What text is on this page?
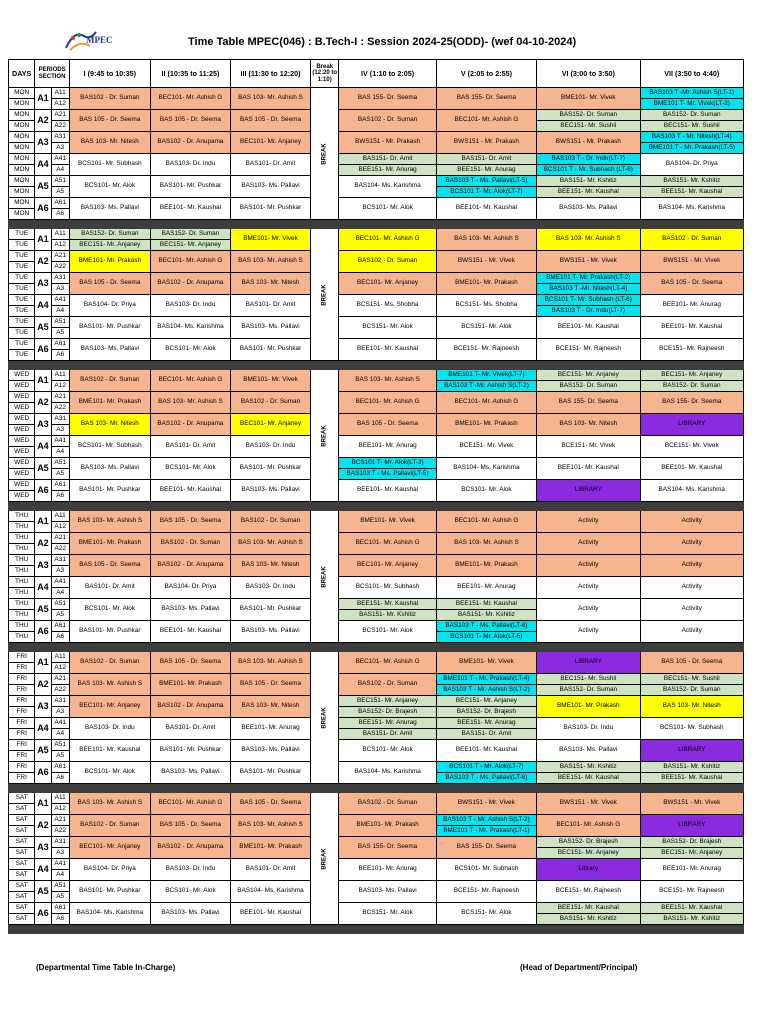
MPEC	Time Table MPEC(046) : B.Tech-I : Session 2024-25(ODD)- (wef 04-10-2024)
DAYS	PERIODS SECTION		I (9:45 to 10:35)	II (10:35 to 11:25)	III (11:30 to 12:20)	Break (12:20 to 1:10)	IV (1:10 to 2:05)	V (2:05 to 2:55)	VI (3:00 to 3:50)	VII (3:50 to 4:40)
MON	A1	A11	BAS102 - Dr. Suman	BEC101- Mr. Ashish G	BAS 103- Mr. Ashish S	BREAK	BAS 155- Dr. Seema	BAS 155- Dr. Seema	BME101- Mr. Vivek	BAS103 T -Mr. Ashish S(LT-1)
MON		A12								BME101 T- Mr. Vivek(LT-2)
MON	A2	A21	BAS 105 - Dr. Seema	BAS 105 - Dr. Seema	BAS 105 - Dr. Seema		BAS102 - Dr. Suman	BEC101- Mr. Ashish G	BAS152- Dr. Suman	BAS152- Dr. Suman
MON		A22							BEC151- Mr. Sushil	BEC151- Mr. Sushil
MON	A3	A31	BAS 103- Mr. Nitesh	BAS102 - Dr. Anupama	BEC101- Mr. Anjaney		BWS151 - Mr. Prakash	BWS151 - Mr. Prakash	BWS151 - Mr. Prakash	BAS103 T - Mr. Nitesh(LT-4)
MON		A3								BME101 T - Mr. Prakash(LT-5)
MON	A4	A41	BCS101- Mr. Subhash	BAS103- Dr. Indu	BAS101- Dr. Amit		BAS151- Dr. Amit	BAS151- Dr. Amit	BAS103 T - Dr. Indu(LT-7)	BAS104- Dr. Priya
MON		A4					BEE151- Mr. Anurag	BEE151- Mr. Anurag	BCS101 T - Mr. Subhash (LT-6)	
MON	A5	A51	BCS101- Mr. Alok	BAS101- Mr. Pushkar	BAS103- Ms. Pallavi		BAS104- Ms. Karishma	BAS103 T - Ms. Pallavi(LT-5)	BAS151- Mr. Kshitiz	BAS151- Mr. Kshitiz
MON		A5						BCS101 T- Mr. Alok(LT-7)	BEE151- Mr. Kaushal	BEE151- Mr. Kaushal
MON	A6	A61	BAS103- Ms. Pallavi	BEE101- Mr. Kaushal	BAS101- Mr. Pushkar		BCS101- Mr. Alok	BEE101- Mr. Kaushal	BAS103- Ms. Pallavi	BAS104- Ms. Karishma
MON		A6								

TUE	A1	A11	BAS152- Dr. Suman	BAS152- Dr. Suman	BME101- Mr. Vivek	BREAK	BEC101- Mr. Ashish G	BAS 103- Mr. Ashish S	BAS 103- Mr. Ashish S	BAS102 - Dr. Suman
TUE		A12	BEC151- Mr. Anjaney	BEC151- Mr. Anjaney						
TUE	A2	A21	BME101- Mr. Prakash	BEC101- Mr. Ashish G	BAS 103- Mr. Ashish S		BAS102 - Dr. Suman	BWS151 - Mr. Vivek	BWS151 - Mr. Vivek	BWS151 - Mr. Vivek
TUE		A22								
TUE	A3	A31	BAS 105 - Dr. Seema	BAS102 - Dr. Anupama	BAS 103- Mr. Nitesh		BEC101- Mr. Anjaney	BME101- Mr. Prakash	BME101 T- Mr. Prakash(LT-2)	BAS 105 - Dr. Seema
TUE		A3							BAS103 T -Mr. Nitesh(LT-4)	
TUE	A4	A41	BAS104- Dr. Priya	BAS103- Dr. Indu	BAS101- Dr. Amit		BCS151- Ms. Shobha	BCS151- Ms. Shobha	BCS101 T- Mr. Subhash (LT-6)	BEE101- Mr. Anurag
TUE		A4							BAS103 T - Dr. Indu(LT-7)	
TUE	A5	A51	BAS101- Mr. Pushkar	BAS104- Ms. Karishma	BAS103- Ms. Pallavi		BCS151- Mr. Alok	BCS151- Mr. Alok	BEE101- Mr. Kaushal	BEE101- Mr. Kaushal
TUE		A5								
TUE	A6	A61	BAS103- Ms. Pallavi	BCS101- Mr. Alok	BAS101- Mr. Pushkar		BEE101- Mr. Kaushal	BCE151- Mr. Rajneesh	BCE151- Mr. Rajneesh	BCE151- Mr. Rajneesh
TUE		A6								

WED	A1	A11	BAS102 - Dr. Suman	BEC101- Mr. Ashish G	BME101- Mr. Vivek	BREAK	BAS 103- Mr. Ashish S	BME101 T- Mr. Vivek(LT-7)	BEC151- Mr. Anjaney	BEC151- Mr. Anjaney
WED		A12						BAS103 T -Mr. Ashish S(LT-2)	BAS152- Dr. Suman	BAS152- Dr. Suman
WED	A2	A21	BME101- Mr. Prakash	BAS 103- Mr. Ashish S	BAS102 - Dr. Suman		BEC101- Mr. Ashish G	BEC101- Mr. Ashish G	BAS 155- Dr. Seema	BAS 155- Dr. Seema
WED		A22								
WED	A3	A31	BAS 103- Mr. Nitesh	BAS102 - Dr. Anupama	BEC101- Mr. Anjaney		BAS 105 - Dr. Seema	BME101- Mr. Prakash	BAS 103- Mr. Nitesh	LIBRARY
WED		A3								
WED	A4	A41	BCS101- Mr. Subhash	BAS101- Dr. Amit	BAS103- Dr. Indu		BEE101- Mr. Anurag	BCE151- Mr. Vivek	BCE151- Mr. Vivek	BCE151- Mr. Vivek
WED		A4								
WED	A5	A51	BAS103- Ms. Pallavi	BCS101- Mr. Alok	BAS101- Mr. Pushkar		BCS101 T- Mr. Alok(LT-3)	BAS104- Ms. Karishma	BEE101- Mr. Kaushal	BEE101- Mr. Kaushal
WED		A5					BAS103 T - Ms. Pallavi(LT-5)			
WED	A6	A61	BAS101- Mr. Pushkar	BEE101- Mr. Kaushal	BAS103- Ms. Pallavi		BEE101- Mr. Kaushal	BCS101- Mr. Alok	LIBRARY	BAS104- Ms. Karishma
WED		A6								

THU	A1	A11	BAS 103- Mr. Ashish S	BAS 105 - Dr. Seema	BAS102 - Dr. Suman	BREAK	BME101- Mr. Vivek	BEC101- Mr. Ashish G	Activity	Activity
THU		A12								
THU	A2	A21	BME101- Mr. Prakash	BAS102 - Dr. Suman	BAS 103- Mr. Ashish S		BEC101- Mr. Ashish G	BAS 103- Mr. Ashish S	Activity	Activity
THU		A22								
THU	A3	A31	BAS 105 - Dr. Seema	BAS102 - Dr. Anupama	BAS 103- Mr. Nitesh		BEC101- Mr. Anjaney	BME101- Mr. Prakash	Activity	Activity
THU		A3								
THU	A4	A41	BAS101- Dr. Amit	BAS104- Dr. Priya	BAS103- Dr. Indu		BCS101- Mr. Subhash	BEE101- Mr. Anurag	Activity	Activity
THU		A4								
THU	A5	A51	BCS101- Mr. Alok	BAS103- Ms. Pallavi	BAS101- Mr. Pushkar		BEE151- Mr. Kaushal	BEE151- Mr. Kaushal	Activity	Activity
THU		A5					BAS151- Mr. Kshitiz	BAS151- Mr. Kshitiz		
THU	A6	A61	BAS101- Mr. Pushkar	BEE101- Mr. Kaushal	BAS103- Ms. Pallavi		BCS101- Mr. Alok	BAS103 T - Ms. Pallavi(LT-6)	Activity	Activity
THU		A6						BCS101 T- Mr. Alok(LT-5)		

FRI	A1	A11	BAS102 - Dr. Suman	BAS 105 - Dr. Seema	BAS 103- Mr. Ashish S	BREAK	BEC101- Mr. Ashish G	BME101- Mr. Vivek	LIBRARY	BAS 105 - Dr. Seema
FRI		A12								
FRI	A2	A21	BAS 103- Mr. Ashish S	BME101- Mr. Prakash	BAS 105 - Dr. Seema		BAS102 - Dr. Suman	BME101 T - Mr. Prakash(LT-4)	BEC151- Mr. Sushil	BEC151- Mr. Sushil
FRI		A22						BAS103 T - Mr. Ashish S(LT-2)	BAS152- Dr. Suman	BAS152- Dr. Suman
FRI	A3	A31	BEC101- Mr. Anjaney	BAS102 - Dr. Anupama	BAS 103- Mr. Nitesh		BEC151- Mr. Anjaney	BEC151- Mr. Anjaney	BME101- Mr. Prakash	BAS 103- Mr. Nitesh
FRI		A3					BAS152- Dr. Brajesh	BAS152- Dr. Brajesh		
FRI	A4	A41	BAS103- Dr. Indu	BAS101- Dr. Amit	BEE101- Mr. Anurag		BEE151- Mr. Anurag	BEE151- Mr. Anurag	BAS103- Dr. Indu	BCS101- Mr. Subhash
FRI		A4					BAS151- Dr. Amit	BAS151- Dr. Amit		
FRI	A5	A51	BEE101- Mr. Kaushal	BAS101- Mr. Pushkar	BAS103- Ms. Pallavi		BCS101- Mr. Alok	BEE101- Mr. Kaushal	BAS103- Ms. Pallavi	LIBRARY
FRI		A5								
FRI	A6	A61	BCS101- Mr. Alok	BAS103- Ms. Pallavi	BAS101- Mr. Pushkar		BAS104- Ms. Karishma	BCS101 T - Mr. Alok(LT-7)	BAS151- Mr. Kshitiz	BAS151- Mr. Kshitiz
FRI		A6						BAS103 T - Ms. Pallavi(LT-6)	BEE151- Mr. Kaushal	BEE151- Mr. Kaushal

SAT	A1	A11	BAS 103- Mr. Ashish S	BEC101- Mr. Ashish G	BAS 105 - Dr. Seema	BREAK	BAS102 - Dr. Suman	BWS151 - Mr. Vivek	BWS151 - Mr. Vivek	BWS151 - Mr. Vivek
SAT		A12								
SAT	A2	A21	BAS102 - Dr. Suman	BAS 105 - Dr. Seema	BAS 103- Mr. Ashish S		BME101- Mr. Prakash	BAS103 T - Mr. Ashish S(LT-2)	BEC101- Mr. Ashish G	LIBRARY
SAT		A22						BME101 T - Mr. Prakash(LT-1)		
SAT	A3	A31	BEC101- Mr. Anjaney	BAS102 - Dr. Anupama	BME101- Mr. Prakash		BAS 155- Dr. Seema	BAS 155- Dr. Seema	BAS152- Dr. Brajesh	BAS152- Dr. Brajesh
SAT		A3							BEC151- Mr. Anjaney	BEC151- Mr. Anjaney
SAT	A4	A41	BAS104- Dr. Priya	BAS103- Dr. Indu	BAS101- Dr. Amit		BEE101- Mr. Anurag	BCS101- Mr. Subhash	Library	BEE101- Mr. Anurag
SAT		A4								
SAT	A5	A51	BAS101- Mr. Pushkar	BCS101- Mr. Alok	BAS104- Ms. Karishma		BAS103- Ms. Pallavi	BCE151- Mr. Rajneesh	BCE151- Mr. Rajneesh	BCE151- Mr. Rajneesh
SAT		A5								
SAT	A6	A61	BAS104- Ms. Karishma	BAS103- Ms. Pallavi	BEE101- Mr. Kaushal		BCS151- Mr. Alok	BCS151- Mr. Alok	BEE151- Mr. Kaushal	BEE151- Mr. Kaushal
SAT		A6							BAS151- Mr. Kshitiz	BAS151- Mr. Kshitiz

(Departmental Time Table In-Charge)	(Head of Department/Principal)
